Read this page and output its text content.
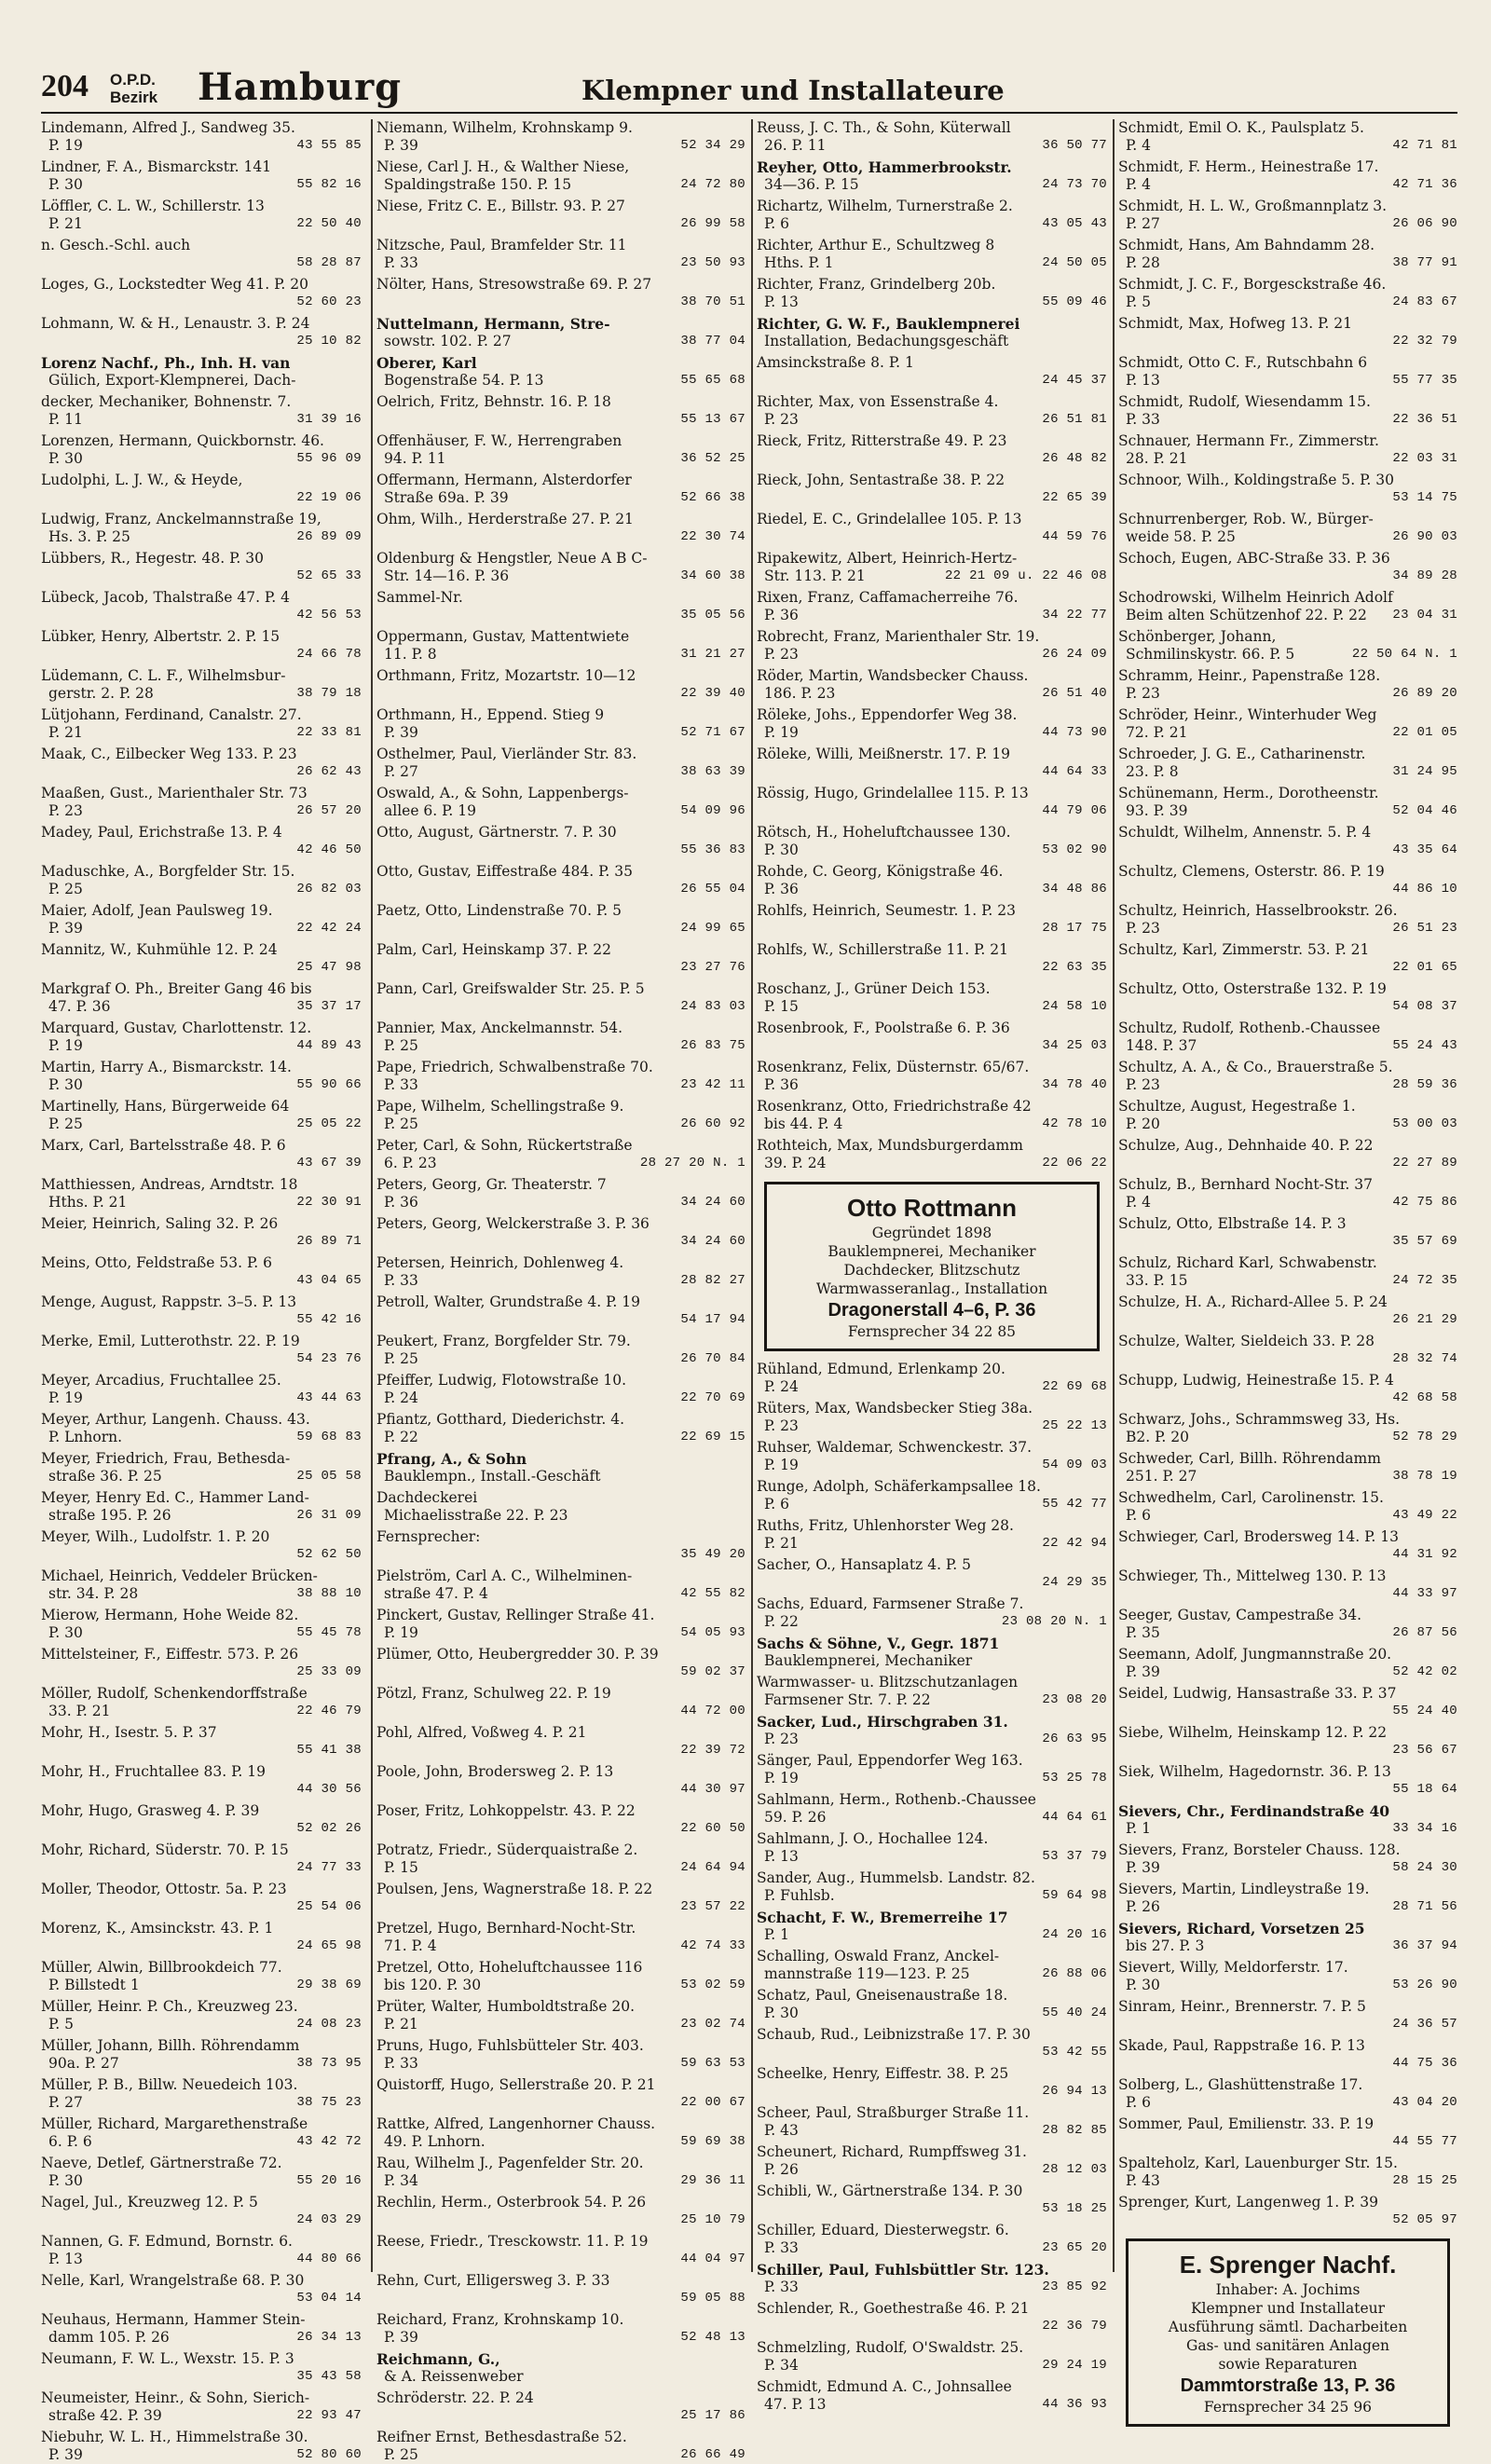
204 O.P.D.
Bezirk Hamburg	Klempner und Installateure
Lindemann, Alfred J., Sandweg 35.
P. 19	43 55 85
Lindner, F. A., Bismarckstr. 141
P. 30	55 82 16
Löffler, C. L. W., Schillerstr. 13
P. 21	22 50 40
n. Gesch.-Schl. auch
58 28 87
Loges, G., Lockstedter Weg 41. P. 20
52 60 23
Lohmann, W. & H., Lenaustr. 3. P. 24
25 10 82
Lorenz Nachf., Ph., Inh. H. van
Gülich, Export-Klempnerei, Dach-
decker, Mechaniker, Bohnenstr. 7.
P. 11	31 39 16
Lorenzen, Hermann, Quickbornstr. 46.
P. 30	55 96 09
Ludolphi, L. J. W., & Heyde,
22 19 06
Ludwig, Franz, Anckelmannstraße 19,
Hs. 3. P. 25	26 89 09
Lübbers, R., Hegestr. 48. P. 30
52 65 33
Lübeck, Jacob, Thalstraße 47. P. 4
42 56 53
Lübker, Henry, Albertstr. 2. P. 15
24 66 78
Lüdemann, C. L. F., Wilhelmsbur-
gerstr. 2. P. 28	38 79 18
Lütjohann, Ferdinand, Canalstr. 27.
P. 21	22 33 81
Maak, C., Eilbecker Weg 133. P. 23
26 62 43
Maaßen, Gust., Marienthaler Str. 73
P. 23	26 57 20
Madey, Paul, Erichstraße 13. P. 4
42 46 50
Maduschke, A., Borgfelder Str. 15.
P. 25	26 82 03
Maier, Adolf, Jean Paulsweg 19.
P. 39	22 42 24
Mannitz, W., Kuhmühle 12. P. 24
25 47 98
Markgraf O. Ph., Breiter Gang 46 bis
47. P. 36	35 37 17
Marquard, Gustav, Charlottenstr. 12.
P. 19	44 89 43
Martin, Harry A., Bismarckstr. 14.
P. 30	55 90 66
Martinelly, Hans, Bürgerweide 64
P. 25	25 05 22
Marx, Carl, Bartelsstraße 48. P. 6
43 67 39
Matthiessen, Andreas, Arndtstr. 18
Hths. P. 21	22 30 91
Meier, Heinrich, Saling 32. P. 26
26 89 71
Meins, Otto, Feldstraße 53. P. 6
43 04 65
Menge, August, Rappstr. 3–5. P. 13
55 42 16
Merke, Emil, Lutterothstr. 22. P. 19
54 23 76
Meyer, Arcadius, Fruchtallee 25.
P. 19	43 44 63
Meyer, Arthur, Langenh. Chauss. 43.
P. Lnhorn.	59 68 83
Meyer, Friedrich, Frau, Bethesda-
straße 36. P. 25	25 05 58
Meyer, Henry Ed. C., Hammer Land-
straße 195. P. 26	26 31 09
Meyer, Wilh., Ludolfstr. 1. P. 20
52 62 50
Michael, Heinrich, Veddeler Brücken-
str. 34. P. 28	38 88 10
Mierow, Hermann, Hohe Weide 82.
P. 30	55 45 78
Mittelsteiner, F., Eiffestr. 573. P. 26
25 33 09
Möller, Rudolf, Schenkendorffstraße
33. P. 21	22 46 79
Mohr, H., Isestr. 5. P. 37
55 41 38
Mohr, H., Fruchtallee 83. P. 19
44 30 56
Mohr, Hugo, Grasweg 4. P. 39
52 02 26
Mohr, Richard, Süderstr. 70. P. 15
24 77 33
Moller, Theodor, Ottostr. 5a. P. 23
25 54 06
Morenz, K., Amsinckstr. 43. P. 1
24 65 98
Müller, Alwin, Billbrookdeich 77.
P. Billstedt 1	29 38 69
Müller, Heinr. P. Ch., Kreuzweg 23.
P. 5	24 08 23
Müller, Johann, Billh. Röhrendamm
90a. P. 27	38 73 95
Müller, P. B., Billw. Neuedeich 103.
P. 27	38 75 23
Müller, Richard, Margarethenstraße
6. P. 6	43 42 72
Naeve, Detlef, Gärtnerstraße 72.
P. 30	55 20 16
Nagel, Jul., Kreuzweg 12. P. 5
24 03 29
Nannen, G. F. Edmund, Bornstr. 6.
P. 13	44 80 66
Nelle, Karl, Wrangelstraße 68. P. 30
53 04 14
Neuhaus, Hermann, Hammer Stein-
damm 105. P. 26	26 34 13
Neumann, F. W. L., Wexstr. 15. P. 3
35 43 58
Neumeister, Heinr., & Sohn, Sierich-
straße 42. P. 39	22 93 47
Niebuhr, W. L. H., Himmelstraße 30.
P. 39	52 80 60
Niemann, Wilhelm, Krohnskamp 9.
P. 39	52 34 29
Niese, Carl J. H., & Walther Niese,
Spaldingstraße 150. P. 15	24 72 80
Niese, Fritz C. E., Billstr. 93. P. 27
26 99 58
Nitzsche, Paul, Bramfelder Str. 11
P. 33	23 50 93
Nölter, Hans, Stresowstraße 69. P. 27
38 70 51
Nuttelmann, Hermann, Stre-
sowstr. 102. P. 27	38 77 04
Oberer, Karl
Bogenstraße 54. P. 13	55 65 68
Oelrich, Fritz, Behnstr. 16. P. 18
55 13 67
Offenhäuser, F. W., Herrengraben
94. P. 11	36 52 25
Offermann, Hermann, Alsterdorfer
Straße 69a. P. 39	52 66 38
Ohm, Wilh., Herderstraße 27. P. 21
22 30 74
Oldenburg & Hengstler, Neue A B C-
Str. 14—16. P. 36	34 60 38
Sammel-Nr.
35 05 56
Oppermann, Gustav, Mattentwiete
11. P. 8	31 21 27
Orthmann, Fritz, Mozartstr. 10—12
22 39 40
Orthmann, H., Eppend. Stieg 9
P. 39	52 71 67
Osthelmer, Paul, Vierländer Str. 83.
P. 27	38 63 39
Oswald, A., & Sohn, Lappenbergs-
allee 6. P. 19	54 09 96
Otto, August, Gärtnerstr. 7. P. 30
55 36 83
Otto, Gustav, Eiffestraße 484. P. 35
26 55 04
Paetz, Otto, Lindenstraße 70. P. 5
24 99 65
Palm, Carl, Heinskamp 37. P. 22
23 27 76
Pann, Carl, Greifswalder Str. 25. P. 5
24 83 03
Pannier, Max, Anckelmannstr. 54.
P. 25	26 83 75
Pape, Friedrich, Schwalbenstraße 70.
P. 33	23 42 11
Pape, Wilhelm, Schellingstraße 9.
P. 25	26 60 92
Peter, Carl, & Sohn, Rückertstraße
6. P. 23	28 27 20 N. 1
Peters, Georg, Gr. Theaterstr. 7
P. 36	34 24 60
Peters, Georg, Welckerstraße 3. P. 36
34 24 60
Petersen, Heinrich, Dohlenweg 4.
P. 33	28 82 27
Petroll, Walter, Grundstraße 4. P. 19
54 17 94
Peukert, Franz, Borgfelder Str. 79.
P. 25	26 70 84
Pfeiffer, Ludwig, Flotowstraße 10.
P. 24	22 70 69
Pfiantz, Gotthard, Diederichstr. 4.
P. 22	22 69 15
Pfrang, A., & Sohn
Bauklempn., Install.-Geschäft
Dachdeckerei
Michaelisstraße 22. P. 23
Fernsprecher:
35 49 20
Pielström, Carl A. C., Wilhelminen-
straße 47. P. 4	42 55 82
Pinckert, Gustav, Rellinger Straße 41.
P. 19	54 05 93
Plümer, Otto, Heubergredder 30. P. 39
59 02 37
Pötzl, Franz, Schulweg 22. P. 19
44 72 00
Pohl, Alfred, Voßweg 4. P. 21
22 39 72
Poole, John, Brodersweg 2. P. 13
44 30 97
Poser, Fritz, Lohkoppelstr. 43. P. 22
22 60 50
Potratz, Friedr., Süderquaistraße 2.
P. 15	24 64 94
Poulsen, Jens, Wagnerstraße 18. P. 22
23 57 22
Pretzel, Hugo, Bernhard-Nocht-Str.
71. P. 4	42 74 33
Pretzel, Otto, Hoheluftchaussee 116
bis 120. P. 30	53 02 59
Prüter, Walter, Humboldtstraße 20.
P. 21	23 02 74
Pruns, Hugo, Fuhlsbütteler Str. 403.
P. 33	59 63 53
Quistorff, Hugo, Sellerstraße 20. P. 21
22 00 67
Rattke, Alfred, Langenhorner Chauss.
49. P. Lnhorn.	59 69 38
Rau, Wilhelm J., Pagenfelder Str. 20.
P. 34	29 36 11
Rechlin, Herm., Osterbrook 54. P. 26
25 10 79
Reese, Friedr., Tresckowstr. 11. P. 19
44 04 97
Rehn, Curt, Elligersweg 3. P. 33
59 05 88
Reichard, Franz, Krohnskamp 10.
P. 39	52 48 13
Reichmann, G.,
& A. Reissenweber
Schröderstr. 22. P. 24
25 17 86
Reifner Ernst, Bethesdastraße 52.
P. 25	26 66 49
Reuss, J. C. Th., & Sohn, Küterwall
26. P. 11	36 50 77
Reyher, Otto, Hammerbrookstr.
34—36. P. 15	24 73 70
Richartz, Wilhelm, Turnerstraße 2.
P. 6	43 05 43
Richter, Arthur E., Schultzweg 8
Hths. P. 1	24 50 05
Richter, Franz, Grindelberg 20b.
P. 13	55 09 46
Richter, G. W. F., Bauklempnerei
Installation, Bedachungsgeschäft
Amsinckstraße 8. P. 1
24 45 37
Richter, Max, von Essenstraße 4.
P. 23	26 51 81
Rieck, Fritz, Ritterstraße 49. P. 23
26 48 82
Rieck, John, Sentastraße 38. P. 22
22 65 39
Riedel, E. C., Grindelallee 105. P. 13
44 59 76
Ripakewitz, Albert, Heinrich-Hertz-
Str. 113. P. 21	22 21 09 u. 22 46 08
Rixen, Franz, Caffamacherreihe 76.
P. 36	34 22 77
Robrecht, Franz, Marienthaler Str. 19.
P. 23	26 24 09
Röder, Martin, Wandsbecker Chauss.
186. P. 23	26 51 40
Röleke, Johs., Eppendorfer Weg 38.
P. 19	44 73 90
Röleke, Willi, Meißnerstr. 17. P. 19
44 64 33
Rössig, Hugo, Grindelallee 115. P. 13
44 79 06
Rötsch, H., Hoheluftchaussee 130.
P. 30	53 02 90
Rohde, C. Georg, Königstraße 46.
P. 36	34 48 86
Rohlfs, Heinrich, Seumestr. 1. P. 23
28 17 75
Rohlfs, W., Schillerstraße 11. P. 21
22 63 35
Roschanz, J., Grüner Deich 153.
P. 15	24 58 10
Rosenbrook, F., Poolstraße 6. P. 36
34 25 03
Rosenkranz, Felix, Düsternstr. 65/67.
P. 36	34 78 40
Rosenkranz, Otto, Friedrichstraße 42
bis 44. P. 4	42 78 10
Rothteich, Max, Mundsburgerdamm
39. P. 24	22 06 22
Otto Rottmann
Gegründet 1898
Bauklempnerei, Mechaniker
Dachdecker, Blitzschutz
Warmwasseranlag., Installation
Dragonerstall 4–6, P. 36
Fernsprecher 34 22 85
Rühland, Edmund, Erlenkamp 20.
P. 24	22 69 68
Rüters, Max, Wandsbecker Stieg 38a.
P. 23	25 22 13
Ruhser, Waldemar, Schwenckestr. 37.
P. 19	54 09 03
Runge, Adolph, Schäferkampsallee 18.
P. 6	55 42 77
Ruths, Fritz, Uhlenhorster Weg 28.
P. 21	22 42 94
Sacher, O., Hansaplatz 4. P. 5
24 29 35
Sachs, Eduard, Farmsener Straße 7.
P. 22	23 08 20 N. 1
Sachs & Söhne, V., Gegr. 1871
Bauklempnerei, Mechaniker
Warmwasser- u. Blitzschutzanlagen
Farmsener Str. 7. P. 22	23 08 20
Sacker, Lud., Hirschgraben 31.
P. 23	26 63 95
Sänger, Paul, Eppendorfer Weg 163.
P. 19	53 25 78
Sahlmann, Herm., Rothenb.-Chaussee
59. P. 26	44 64 61
Sahlmann, J. O., Hochallee 124.
P. 13	53 37 79
Sander, Aug., Hummelsb. Landstr. 82.
P. Fuhlsb.	59 64 98
Schacht, F. W., Bremerreihe 17
P. 1	24 20 16
Schalling, Oswald Franz, Anckel-
mannstraße 119—123. P. 25	26 88 06
Schatz, Paul, Gneisenaustraße 18.
P. 30	55 40 24
Schaub, Rud., Leibnizstraße 17. P. 30
53 42 55
Scheelke, Henry, Eiffestr. 38. P. 25
26 94 13
Scheer, Paul, Straßburger Straße 11.
P. 43	28 82 85
Scheunert, Richard, Rumpffsweg 31.
P. 26	28 12 03
Schibli, W., Gärtnerstraße 134. P. 30
53 18 25
Schiller, Eduard, Diesterwegstr. 6.
P. 33	23 65 20
Schiller, Paul, Fuhlsbüttler Str. 123.
P. 33	23 85 92
Schlender, R., Goethestraße 46. P. 21
22 36 79
Schmelzling, Rudolf, O'Swaldstr. 25.
P. 34	29 24 19
Schmidt, Edmund A. C., Johnsallee
47. P. 13	44 36 93
Schmidt, Emil O. K., Paulsplatz 5.
P. 4	42 71 81
Schmidt, F. Herm., Heinestraße 17.
P. 4	42 71 36
Schmidt, H. L. W., Großmannplatz 3.
P. 27	26 06 90
Schmidt, Hans, Am Bahndamm 28.
P. 28	38 77 91
Schmidt, J. C. F., Borgesckstraße 46.
P. 5	24 83 67
Schmidt, Max, Hofweg 13. P. 21
22 32 79
Schmidt, Otto C. F., Rutschbahn 6
P. 13	55 77 35
Schmidt, Rudolf, Wiesendamm 15.
P. 33	22 36 51
Schnauer, Hermann Fr., Zimmerstr.
28. P. 21	22 03 31
Schnoor, Wilh., Koldingstraße 5. P. 30
53 14 75
Schnurrenberger, Rob. W., Bürger-
weide 58. P. 25	26 90 03
Schoch, Eugen, ABC-Straße 33. P. 36
34 89 28
Schodrowski, Wilhelm Heinrich Adolf
Beim alten Schützenhof 22. P. 22 23 04 31
Schönberger, Johann,
Schmilinskystr. 66. P. 5	22 50 64 N. 1
Schramm, Heinr., Papenstraße 128.
P. 23	26 89 20
Schröder, Heinr., Winterhuder Weg
72. P. 21	22 01 05
Schroeder, J. G. E., Catharinenstr.
23. P. 8	31 24 95
Schünemann, Herm., Dorotheenstr.
93. P. 39	52 04 46
Schuldt, Wilhelm, Annenstr. 5. P. 4
43 35 64
Schultz, Clemens, Osterstr. 86. P. 19
44 86 10
Schultz, Heinrich, Hasselbrookstr. 26.
P. 23	26 51 23
Schultz, Karl, Zimmerstr. 53. P. 21
22 01 65
Schultz, Otto, Osterstraße 132. P. 19
54 08 37
Schultz, Rudolf, Rothenb.-Chaussee
148. P. 37	55 24 43
Schultz, A. A., & Co., Brauerstraße 5.
P. 23	28 59 36
Schultze, August, Hegestraße 1.
P. 20	53 00 03
Schulze, Aug., Dehnhaide 40. P. 22
22 27 89
Schulz, B., Bernhard Nocht-Str. 37
P. 4	42 75 86
Schulz, Otto, Elbstraße 14. P. 3
35 57 69
Schulz, Richard Karl, Schwabenstr.
33. P. 15	24 72 35
Schulze, H. A., Richard-Allee 5. P. 24
26 21 29
Schulze, Walter, Sieldeich 33. P. 28
28 32 74
Schupp, Ludwig, Heinestraße 15. P. 4
42 68 58
Schwarz, Johs., Schrammsweg 33, Hs.
B2. P. 20	52 78 29
Schweder, Carl, Billh. Röhrendamm
251. P. 27	38 78 19
Schwedhelm, Carl, Carolinenstr. 15.
P. 6	43 49 22
Schwieger, Carl, Brodersweg 14. P. 13
44 31 92
Schwieger, Th., Mittelweg 130. P. 13
44 33 97
Seeger, Gustav, Campestraße 34.
P. 35	26 87 56
Seemann, Adolf, Jungmannstraße 20.
P. 39	52 42 02
Seidel, Ludwig, Hansastraße 33. P. 37
55 24 40
Siebe, Wilhelm, Heinskamp 12. P. 22
23 56 67
Siek, Wilhelm, Hagedornstr. 36. P. 13
55 18 64
Sievers, Chr., Ferdinandstraße 40
P. 1	33 34 16
Sievers, Franz, Borsteler Chauss. 128.
P. 39	58 24 30
Sievers, Martin, Lindleystraße 19.
P. 26	28 71 56
Sievers, Richard, Vorsetzen 25
bis 27. P. 3	36 37 94
Sievert, Willy, Meldorferstr. 17.
P. 30	53 26 90
Sinram, Heinr., Brennerstr. 7. P. 5
24 36 57
Skade, Paul, Rappstraße 16. P. 13
44 75 36
Solberg, L., Glashüttenstraße 17.
P. 6	43 04 20
Sommer, Paul, Emilienstr. 33. P. 19
44 55 77
Spalteholz, Karl, Lauenburger Str. 15.
P. 43	28 15 25
Sprenger, Kurt, Langenweg 1. P. 39
52 05 97
E. Sprenger Nachf.
Inhaber: A. Jochims
Klempner und Installateur
Ausführung sämtl. Dacharbeiten
Gas- und sanitären Anlagen
sowie Reparaturen
Dammtorstraße 13, P. 36
Fernsprecher 34 25 96
